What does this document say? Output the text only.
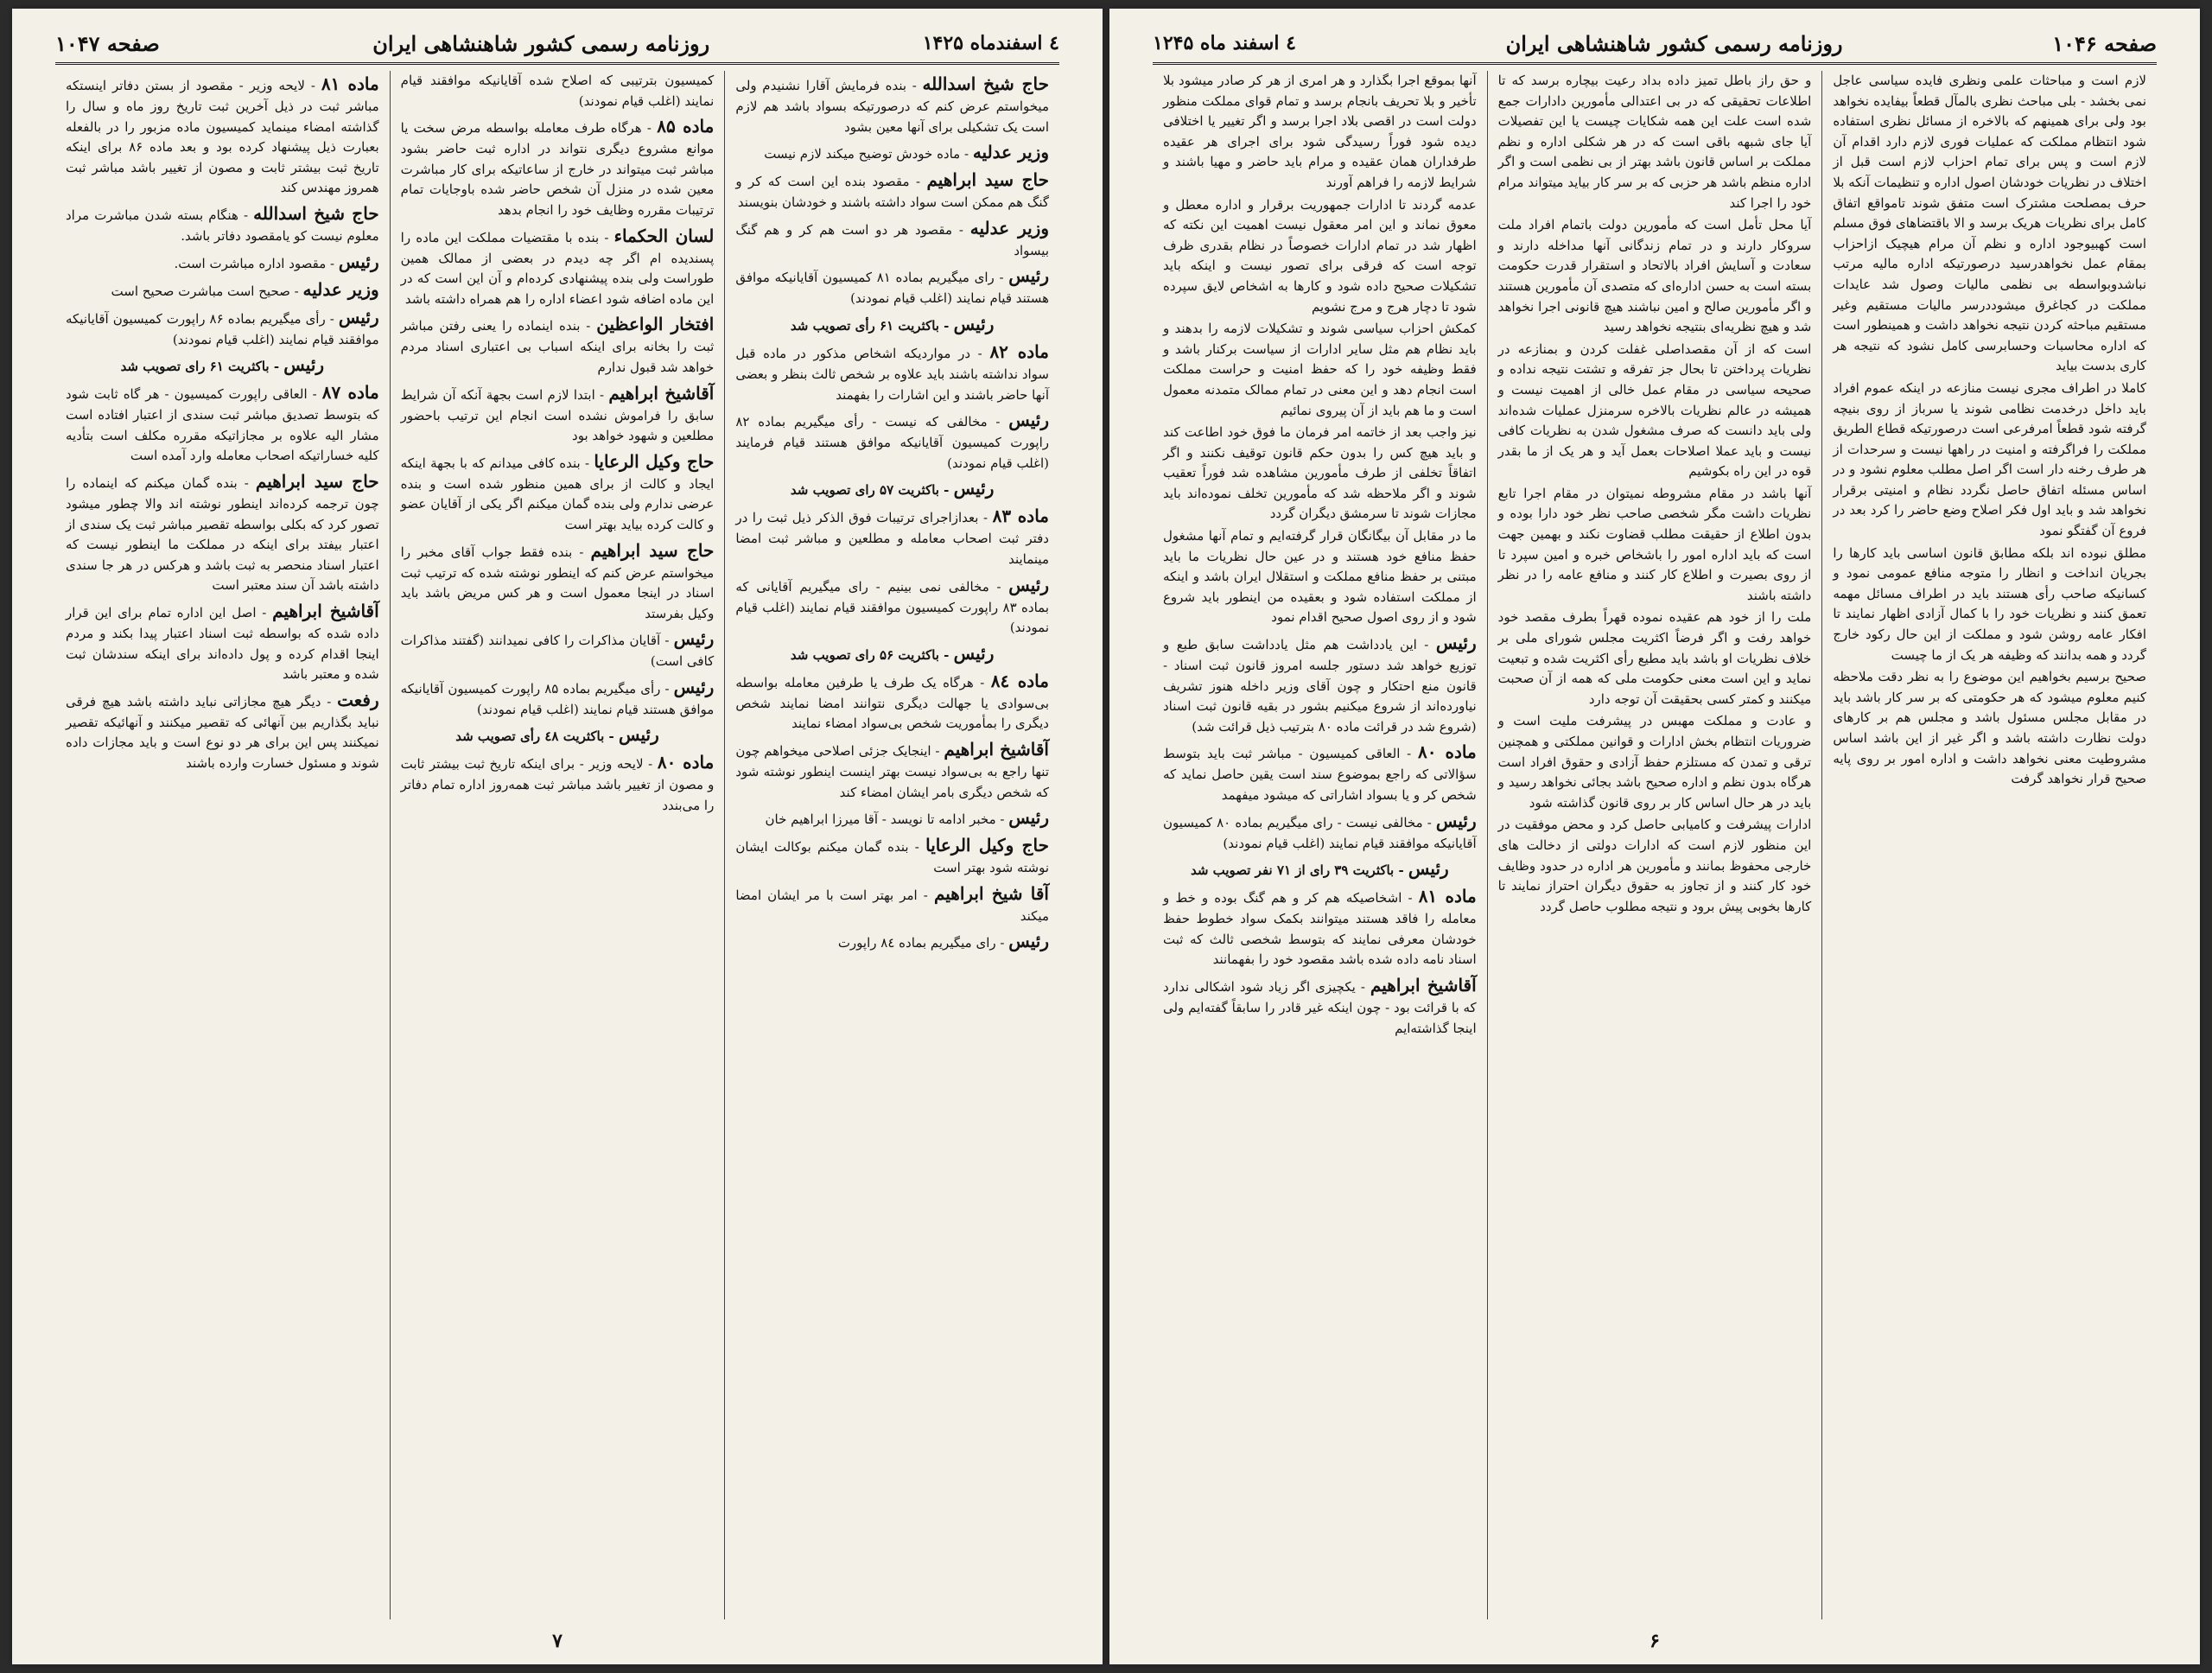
٤ اسفندماه ۱۴۲۵
روزنامه رسمی کشور شاهنشاهی ایران
صفحه ۱۰۴۷

حاج شیخ اسدالله - بنده فرمایش آقارا نشنیدم ولی میخواستم عرض کنم که درصورتیکه بسواد باشد هم لازم است یک تشکیلی برای آنها معین بشود

وزیر عدلیه - ماده خودش توضیح میکند لازم نیست

حاج سید ابراهیم - مقصود بنده این است که کر و گنگ هم ممکن است سواد داشته باشند و خودشان بنویسند

وزیر عدلیه - مقصود هر دو است هم کر و هم گنگ بیسواد

رئیس - رای میگیریم بماده ۸۱ کمیسیون آقایانیکه موافق هستند قیام نمایند (اغلب قیام نمودند)

رئیس - باکثریت ۶۱ رأی تصویب شد

ماده ۸۲ - در مواردیکه اشخاص مذکور در ماده قبل سواد نداشته باشند باید علاوه بر شخص ثالث بنظر و بعضی آنها حاضر باشند و این اشارات را بفهمند

رئیس - مخالفی که نیست - رأی میگیریم بماده ۸۲ راپورت کمیسیون آقایانیکه موافق هستند قیام فرمایند (اغلب قیام نمودند)

رئیس - باکثریت ۵۷ رای تصویب شد

ماده ۸۳ - بعدازاجرای ترتیبات فوق الذکر ذیل ثبت را در دفتر ثبت اصحاب معامله و مطلعین و مباشر ثبت امضا مینمایند

رئیس - مخالفی نمی بینیم - رای میگیریم آقایانی که بماده ۸۳ راپورت کمیسیون موافقند قیام نمایند (اغلب قیام نمودند)

رئیس - باکثریت ۵۶ رای تصویب شد

ماده ۸٤ - هرگاه یک طرف یا طرفین معامله بواسطه بی‌سوادی یا جهالت دیگری نتوانند امضا نمایند شخص دیگری را بمأموریت شخص بی‌سواد امضاء نمایند

آقاشیخ ابراهیم - اینجایک جزئی اصلاحی میخواهم چون تنها راجع به بی‌سواد نیست بهتر اینست اینطور نوشته شود که شخص دیگری بامر ایشان امضاء کند

رئیس - مخبر ادامه تا نویسد - آقا میرزا ابراهیم خان

حاج وکیل الرعایا - بنده گمان میکنم بوکالت ایشان نوشته شود بهتر است

آقا شیخ ابراهیم - امر بهتر است با مر ایشان امضا میکند

رئیس - رای میگیریم بماده ۸٤ راپورت

کمیسیون بترتیبی که اصلاح شده آقایانیکه موافقند قیام نمایند (اغلب قیام نمودند)

ماده ۸۵ - هرگاه طرف معامله بواسطه مرض سخت یا موانع مشروع دیگری نتواند در اداره ثبت حاضر بشود مباشر ثبت میتواند در خارج از ساعاتیکه برای کار مباشرت معین شده در منزل آن شخص حاضر شده باوجایات تمام ترتیبات مقرره وظایف خود را انجام بدهد

لسان الحکماء - بنده با مقتضیات مملکت این ماده را پسندیده ام اگر چه دیدم در بعضی از ممالک همین طوراست ولی بنده پیشنهادی کرده‌ام و آن این است که در این ماده اضافه شود اعضاء اداره را هم همراه داشته باشد

افتخار الواعظین - بنده اینماده را یعنی رفتن مباشر ثبت را بخانه برای اینکه اسباب بی اعتباری اسناد مردم خواهد شد قبول ندارم

آقاشیخ ابراهیم - ابتدا لازم است بجهة آنکه آن شرایط سابق را فراموش نشده است انجام این ترتیب باحضور مطلعین و شهود خواهد بود

حاج وکیل الرعایا - بنده کافی میدانم که با بجهة اینکه ایجاد و کالت از برای همین منظور شده است و بنده عرضی ندارم ولی بنده گمان میکنم اگر یکی از آقایان عضو و کالت کرده بیاید بهتر است

حاج سید ابراهیم - بنده فقط جواب آقای مخبر را میخواستم عرض کنم که اینطور نوشته شده که ترتیب ثبت اسناد در اینجا معمول است و هر کس مریض باشد باید وکیل بفرستد

رئیس - آقایان مذاکرات را کافی نمیدانند (گفتند مذاکرات کافی است)

رئیس - رأی میگیریم بماده ۸۵ راپورت کمیسیون آقایانیکه موافق هستند قیام نمایند (اغلب قیام نمودند)

رئیس - باکثریت ٤٨ رأی تصویب شد

ماده ۸۰ - لایحه وزیر - برای اینکه تاریخ ثبت بیشتر ثابت و مصون از تغییر باشد مباشر ثبت همه‌روز اداره تمام دفاتر را می‌بندد

ماده ۸۱ - لایحه وزیر - مقصود از بستن دفاتر اینستکه مباشر ثبت در ذیل آخرین ثبت تاریخ روز ماه و سال را گذاشته امضاء مینماید کمیسیون ماده مزبور را در بالفعله بعبارت ذیل پیشنهاد کرده بود و بعد ماده ۸۶ برای اینکه تاریخ ثبت بیشتر ثابت و مصون از تغییر باشد مباشر ثبت همروز مهندس کند

حاج شیخ اسدالله - هنگام بسته شدن مباشرت مراد معلوم نیست کو یامقصود دفاتر باشد.

رئیس - مقصود اداره مباشرت است.

وزیر عدلیه - صحیح است مباشرت صحیح است

رئیس - رأی میگیریم بماده ۸۶ راپورت کمیسیون آقایانیکه موافقند قیام نمایند (اغلب قیام نمودند)

رئیس - باکثریت ۶۱ رای تصویب شد

ماده ۸۷ - العاقی راپورت کمیسیون - هر گاه ثابت شود که بتوسط تصدیق مباشر ثبت سندی از اعتبار افتاده است مشار الیه علاوه بر مجازاتیکه مقرره مکلف است بتأدیه کلیه خساراتیکه اصحاب معامله وارد آمده است

حاج سید ابراهیم - بنده گمان میکنم که اینماده را چون ترجمه کرده‌اند اینطور نوشته اند والا چطور میشود تصور کرد که بکلی بواسطه تقصیر مباشر ثبت یک سندی از اعتبار بیفتد برای اینکه در مملکت ما اینطور نیست که اعتبار اسناد منحصر به ثبت باشد و هرکس در هر جا سندی داشته باشد آن سند معتبر است

آقاشیخ ابراهیم - اصل این اداره تمام برای این قرار داده شده که بواسطه ثبت اسناد اعتبار پیدا بکند و مردم اینجا اقدام کرده و پول داده‌اند برای اینکه سندشان ثبت شده و معتبر باشد

رفعت - دیگر هیچ مجازاتی نباید داشته باشد هیچ فرقی نباید بگذاریم بین آنهائی که تقصیر میکنند و آنهائیکه تقصیر نمیکنند پس این برای هر دو نوع است و باید مجازات داده شوند و مسئول خسارت وارده باشند

۷
صفحه ۱۰۴۶
روزنامه رسمی کشور شاهنشاهی ایران
٤ اسفند ماه ۱۲۴۵

لازم است و مباحثات علمی ونظری فایده سیاسی عاجل نمی بخشد - بلی مباحث نظری بالمآل قطعاً بیفایده نخواهد بود ولی برای همینهم که بالاخره از مسائل نظری استفاده شود انتظام مملکت که عملیات فوری لازم دارد اقدام آن لازم است و پس برای تمام احزاب لازم است قبل از اختلاف در نظریات خودشان اصول اداره و تنظیمات آنکه بلا حرف بمصلحت مشترک است متفق شوند تامواقع اتفاق کامل برای نظریات هریک برسد و الا باقتضاهای فوق مسلم است کهبیوجود اداره و نظم آن مرام هیچیک ازاحزاب بمقام عمل نخواهدرسید درصورتیکه اداره مالیه مرتب نباشدوبواسطه بی نظمی مالیات وصول شد عایدات مملکت در کجاغرق میشوددرسر مالیات مستقیم وغیر مستقیم مباحثه کردن نتیجه نخواهد داشت و همینطور است که اداره محاسبات وحسابرسی کامل نشود که نتیجه هر کاری بدست بیاید

کاملا در اطراف مجری نیست منازعه در اینکه عموم افراد باید داخل درخدمت نظامی شوند یا سرباز از روی بنیچه گرفته شود قطعاً امرفرعی است درصورتیکه قطاع الطریق مملکت را فراگرفته و امنیت در راهها نیست و سرحدات از هر طرف رخنه دار است اگر اصل مطلب معلوم نشود و در اساس مسئله اتفاق حاصل نگردد نظام و امنیتی برقرار نخواهد شد و باید اول فکر اصلاح وضع حاضر را کرد بعد در فروع آن گفتگو نمود

مطلق نبوده اند بلکه مطابق قانون اساسی باید کارها را بجریان انداخت و انظار را متوجه منافع عمومی نمود و کسانیکه صاحب رأی هستند باید در اطراف مسائل مهمه تعمق کنند و نظریات خود را با کمال آزادی اظهار نمایند تا افکار عامه روشن شود و مملکت از این حال رکود خارج گردد و همه بدانند که وظیفه هر یک از ما چیست

صحیح برسیم بخواهیم این موضوع را به نظر دقت ملاحظه کنیم معلوم میشود که هر حکومتی که بر سر کار باشد باید در مقابل مجلس مسئول باشد و مجلس هم بر کارهای دولت نظارت داشته باشد و اگر غیر از این باشد اساس مشروطیت معنی نخواهد داشت و اداره امور بر روی پایه صحیح قرار نخواهد گرفت

و حق‌ راز باطل تمیز داده بداد رعیت بیچاره برسد که تا اطلاعات تحقیقی که در بی اعتدالی مأمورین دادارات جمع شده است علت این همه شکایات چیست یا این تفصیلات آیا جای شبهه باقی است که در هر شکلی اداره و نظم مملکت بر اساس قانون باشد بهتر از بی نظمی است و اگر اداره منظم باشد هر حزبی که بر سر کار بیاید میتواند مرام خود را اجرا کند

آیا محل تأمل است که مأمورین دولت باتمام افراد ملت سروکار دارند و در تمام زندگانی آنها مداخله دارند و سعادت و آسایش افراد بالاتحاد و استقرار قدرت حکومت بسته است به حسن اداره‌ای که متصدی آن مأمورین هستند و اگر مأمورین صالح و امین نباشند هیچ قانونی اجرا نخواهد شد و هیچ نظریه‌ای بنتیجه نخواهد رسید

است که از آن مقصداصلی غفلت کردن و بمنازعه در نظریات پرداختن تا بحال جز تفرقه و تشتت نتیجه نداده و صحیحه سیاسی در مقام عمل خالی از اهمیت نیست و همیشه در عالم نظریات بالاخره سرمنزل عملیات شده‌اند ولی باید دانست که صرف مشغول شدن به نظریات کافی نیست و باید عملا اصلاحات بعمل آید و هر یک از ما بقدر قوه در این راه بکوشیم

آنها باشد در مقام مشروطه نمیتوان در مقام اجرا تابع نظریات داشت مگر شخصی صاحب نظر خود دارا بوده و بدون اطلاع از حقیقت مطلب قضاوت نکند و بهمین جهت است که باید اداره امور را باشخاص خبره و امین سپرد تا از روی بصیرت و اطلاع کار کنند و منافع عامه را در نظر داشته باشند

ملت را از خود هم عقیده نموده قهراً بطرف مقصد خود خواهد رفت و اگر فرضاً اکثریت مجلس شورای ملی بر خلاف نظریات او باشد باید مطیع رأی اکثریت شده و تبعیت نماید و این است معنی حکومت ملی که همه از آن صحبت میکنند و کمتر کسی بحقیقت آن توجه دارد

و عادت و مملکت مهبس در پیشرفت ملیت است و ضروریات انتظام بخش ادارات و قوانین مملکتی و همچنین ترقی و تمدن که مستلزم حفظ آزادی و حقوق افراد است هرگاه بدون نظم و اداره صحیح باشد بجائی نخواهد رسید و باید در هر حال اساس کار بر روی قانون گذاشته شود

ادارات پیشرفت و کامیابی حاصل کرد و محض موفقیت در این منظور لازم است که ادارات دولتی از دخالت های خارجی محفوظ بمانند و مأمورین هر اداره در حدود وظایف خود کار کنند و از تجاوز به حقوق دیگران احتراز نمایند تا کارها بخوبی پیش برود و نتیجه مطلوب حاصل گردد

آنها بموقع اجرا بگذارد و هر امری از هر کر صادر میشود بلا تأخیر و بلا تحریف بانجام برسد و تمام قوای مملکت منظور دولت است در اقصی بلاد اجرا برسد و اگر تغییر یا اختلافی دیده شود فوراً رسیدگی شود برای اجرای هر عقیده طرفداران همان عقیده و مرام باید حاضر و مهیا باشند و شرایط لازمه را فراهم آورند

عدمه گردند تا ادارات جمهوریت برقرار و اداره معطل و معوق نماند و این امر معقول نیست اهمیت این نکته که اظهار شد در تمام ادارات خصوصاً در نظام بقدری ظرف توجه است که فرقی برای تصور نیست و اینکه باید تشکیلات صحیح داده شود و کارها به اشخاص لایق سپرده شود تا دچار هرج و مرج نشویم

کمکش احزاب سیاسی شوند و تشکیلات لازمه را بدهند و باید نظام هم مثل سایر ادارات از سیاست برکنار باشد و فقط وظیفه خود را که حفظ امنیت و حراست مملکت است انجام دهد و این معنی در تمام ممالک متمدنه معمول است و ما هم باید از آن پیروی نمائیم

نیز واجب بعد از خاتمه امر فرمان ما فوق خود اطاعت کند و باید هیچ کس را بدون حکم قانون توقیف نکنند و اگر اتفاقاً تخلفی از طرف مأمورین مشاهده شد فوراً تعقیب شوند و اگر ملاحظه شد که مأمورین تخلف نموده‌اند باید مجازات شوند تا سرمشق دیگران گردد

ما در مقابل آن بیگانگان قرار گرفته‌ایم و تمام آنها مشغول حفظ منافع خود هستند و در عین حال نظریات ما باید مبتنی بر حفظ منافع مملکت و استقلال ایران باشد و اینکه از مملکت استفاده شود و بعقیده من اینطور باید شروع شود و از روی اصول صحیح اقدام نمود

رئیس - این یادداشت هم مثل یادداشت سابق طبع و توزیع خواهد شد دستور جلسه امروز قانون ثبت اسناد - قانون منع احتکار و چون آقای وزیر داخله هنوز تشریف نیاورده‌اند از شروع میکنیم بشور در بقیه قانون ثبت اسناد (شروع شد در قرائت ماده ۸۰ بترتیب ذیل قرائت شد)

ماده ۸۰ - العاقی کمیسیون - مباشر ثبت باید بتوسط سؤالاتی که راجع بموضوع سند است یقین حاصل نماید که شخص کر و یا بسواد اشاراتی که میشود میفهمد

رئیس - مخالفی نیست - رای میگیریم بماده ۸۰ کمیسیون آقایانیکه موافقند قیام نمایند (اغلب قیام نمودند)

رئیس - باکثریت ۳۹ رای از ۷۱ نفر تصویب شد

ماده ۸۱ - اشخاصیکه هم کر و هم گنگ بوده و خط و معامله را فاقد هستند میتوانند بکمک سواد خطوط حفظ خودشان معرفی نمایند که بتوسط شخصی ثالث که ثبت اسناد نامه داده شده باشد مقصود خود را بفهمانند

آقاشیخ ابراهیم - یکچیزی اگر زیاد شود اشکالی ندارد که با قرائت بود - چون اینکه غیر قادر را سابقاً گفته‌ایم ولی اینجا گذاشته‌ایم

۶
